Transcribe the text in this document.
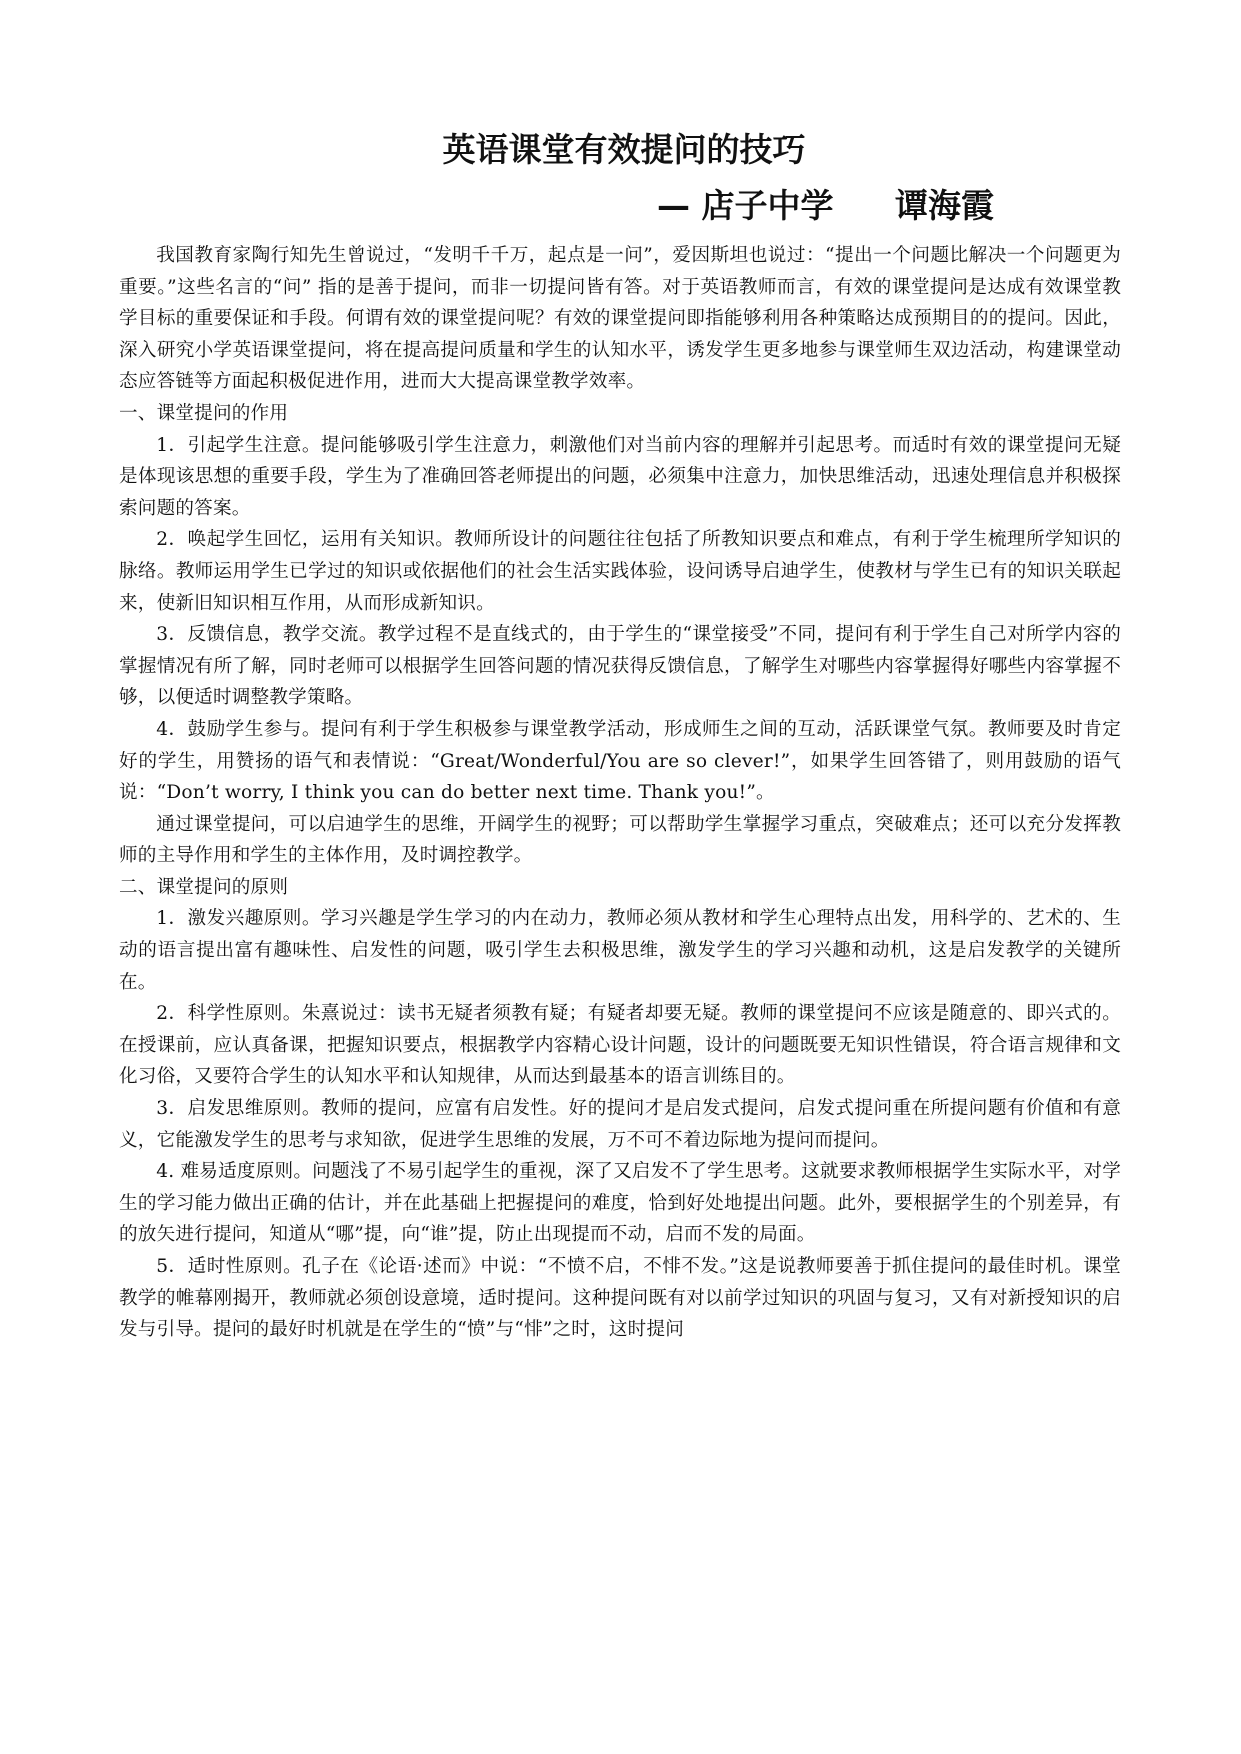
英语课堂有效提问的技巧
— 店子中学 谭海霞

我国教育家陶行知先生曾说过，“发明千千万，起点是一问”，爱因斯坦也说过：“提出一个问题比解决一个问题更为重要。”这些名言的“问” 指的是善于提问，而非一切提问皆有答。对于英语教师而言，有效的课堂提问是达成有效课堂教学目标的重要保证和手段。何谓有效的课堂提问呢？有效的课堂提问即指能够利用各种策略达成预期目的的提问。因此，深入研究小学英语课堂提问，将在提高提问质量和学生的认知水平，诱发学生更多地参与课堂师生双边活动，构建课堂动态应答链等方面起积极促进作用，进而大大提高课堂教学效率。

一、课堂提问的作用

1．引起学生注意。提问能够吸引学生注意力，刺激他们对当前内容的理解并引起思考。而适时有效的课堂提问无疑是体现该思想的重要手段，学生为了准确回答老师提出的问题，必须集中注意力，加快思维活动，迅速处理信息并积极探索问题的答案。

2．唤起学生回忆，运用有关知识。教师所设计的问题往往包括了所教知识要点和难点，有利于学生梳理所学知识的脉络。教师运用学生已学过的知识或依据他们的社会生活实践体验，设问诱导启迪学生，使教材与学生已有的知识关联起来，使新旧知识相互作用，从而形成新知识。

3．反馈信息，教学交流。教学过程不是直线式的，由于学生的“课堂接受”不同，提问有利于学生自己对所学内容的掌握情况有所了解，同时老师可以根据学生回答问题的情况获得反馈信息，了解学生对哪些内容掌握得好哪些内容掌握不够，以便适时调整教学策略。

4．鼓励学生参与。提问有利于学生积极参与课堂教学活动，形成师生之间的互动，活跃课堂气氛。教师要及时肯定好的学生，用赞扬的语气和表情说：“Great/Wonderful/You are so clever!”，如果学生回答错了，则用鼓励的语气说：“Don’t worry, I think you can do better next time. Thank you!”。

通过课堂提问，可以启迪学生的思维，开阔学生的视野；可以帮助学生掌握学习重点，突破难点；还可以充分发挥教师的主导作用和学生的主体作用，及时调控教学。

二、课堂提问的原则

1．激发兴趣原则。学习兴趣是学生学习的内在动力，教师必须从教材和学生心理特点出发，用科学的、艺术的、生动的语言提出富有趣味性、启发性的问题，吸引学生去积极思维，激发学生的学习兴趣和动机，这是启发教学的关键所在。

2．科学性原则。朱熹说过：读书无疑者须教有疑；有疑者却要无疑。教师的课堂提问不应该是随意的、即兴式的。在授课前，应认真备课，把握知识要点，根据教学内容精心设计问题，设计的问题既要无知识性错误，符合语言规律和文化习俗，又要符合学生的认知水平和认知规律，从而达到最基本的语言训练目的。

3．启发思维原则。教师的提问，应富有启发性。好的提问才是启发式提问，启发式提问重在所提问题有价值和有意义，它能激发学生的思考与求知欲，促进学生思维的发展，万不可不着边际地为提问而提问。

4. 难易适度原则。问题浅了不易引起学生的重视，深了又启发不了学生思考。这就要求教师根据学生实际水平，对学生的学习能力做出正确的估计，并在此基础上把握提问的难度，恰到好处地提出问题。此外，要根据学生的个别差异，有的放矢进行提问，知道从“哪”提，向“谁”提，防止出现提而不动，启而不发的局面。

5．适时性原则。孔子在《论语·述而》中说：“不愤不启，不悱不发。”这是说教师要善于抓住提问的最佳时机。课堂教学的帷幕刚揭开，教师就必须创设意境，适时提问。这种提问既有对以前学过知识的巩固与复习，又有对新授知识的启发与引导。提问的最好时机就是在学生的“愤”与“悱”之时，这时提问
